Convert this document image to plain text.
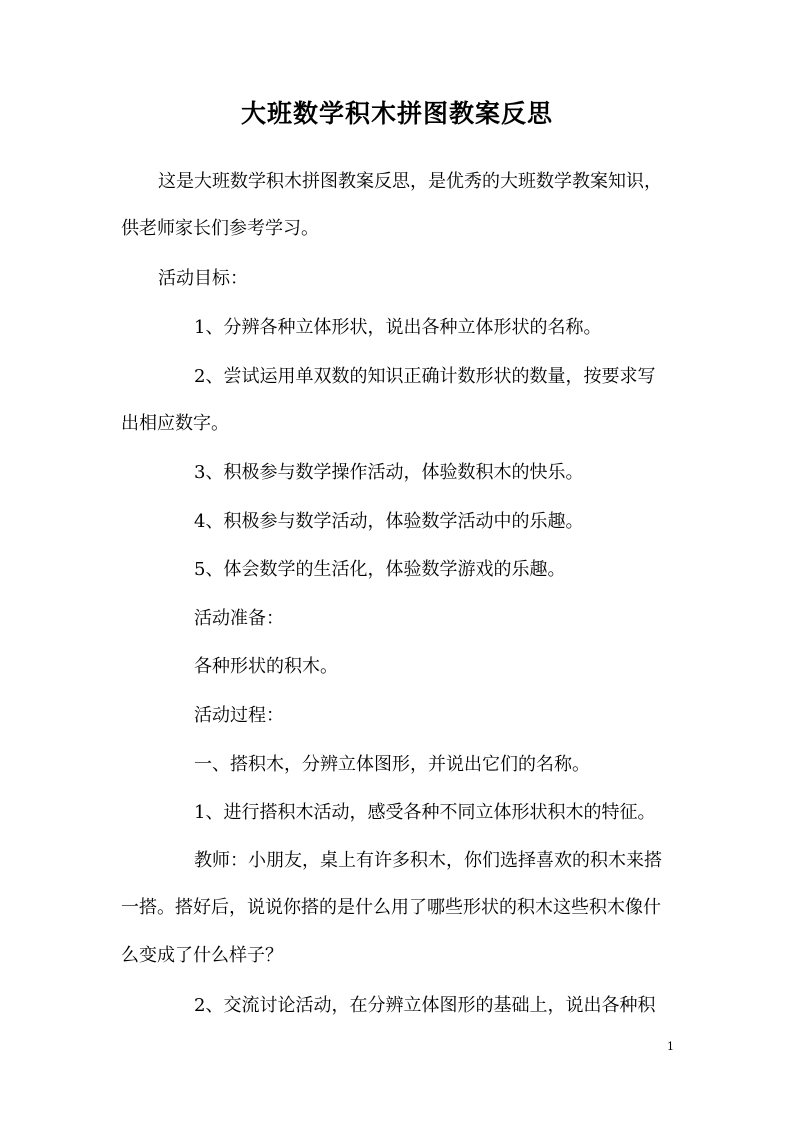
大班数学积木拼图教案反思
这是大班数学积木拼图教案反思，是优秀的大班数学教案知识，
供老师家长们参考学习。
活动目标：
1、分辨各种立体形状，说出各种立体形状的名称。
2、尝试运用单双数的知识正确计数形状的数量，按要求写
出相应数字。
3、积极参与数学操作活动，体验数积木的快乐。
4、积极参与数学活动，体验数学活动中的乐趣。
5、体会数学的生活化，体验数学游戏的乐趣。
活动准备：
各种形状的积木。
活动过程：
一、搭积木，分辨立体图形，并说出它们的名称。
1、进行搭积木活动，感受各种不同立体形状积木的特征。
教师：小朋友，桌上有许多积木，你们选择喜欢的积木来搭
一搭。搭好后，说说你搭的是什么用了哪些形状的积木这些积木像什
么变成了什么样子？
2、交流讨论活动，在分辨立体图形的基础上，说出各种积
1
